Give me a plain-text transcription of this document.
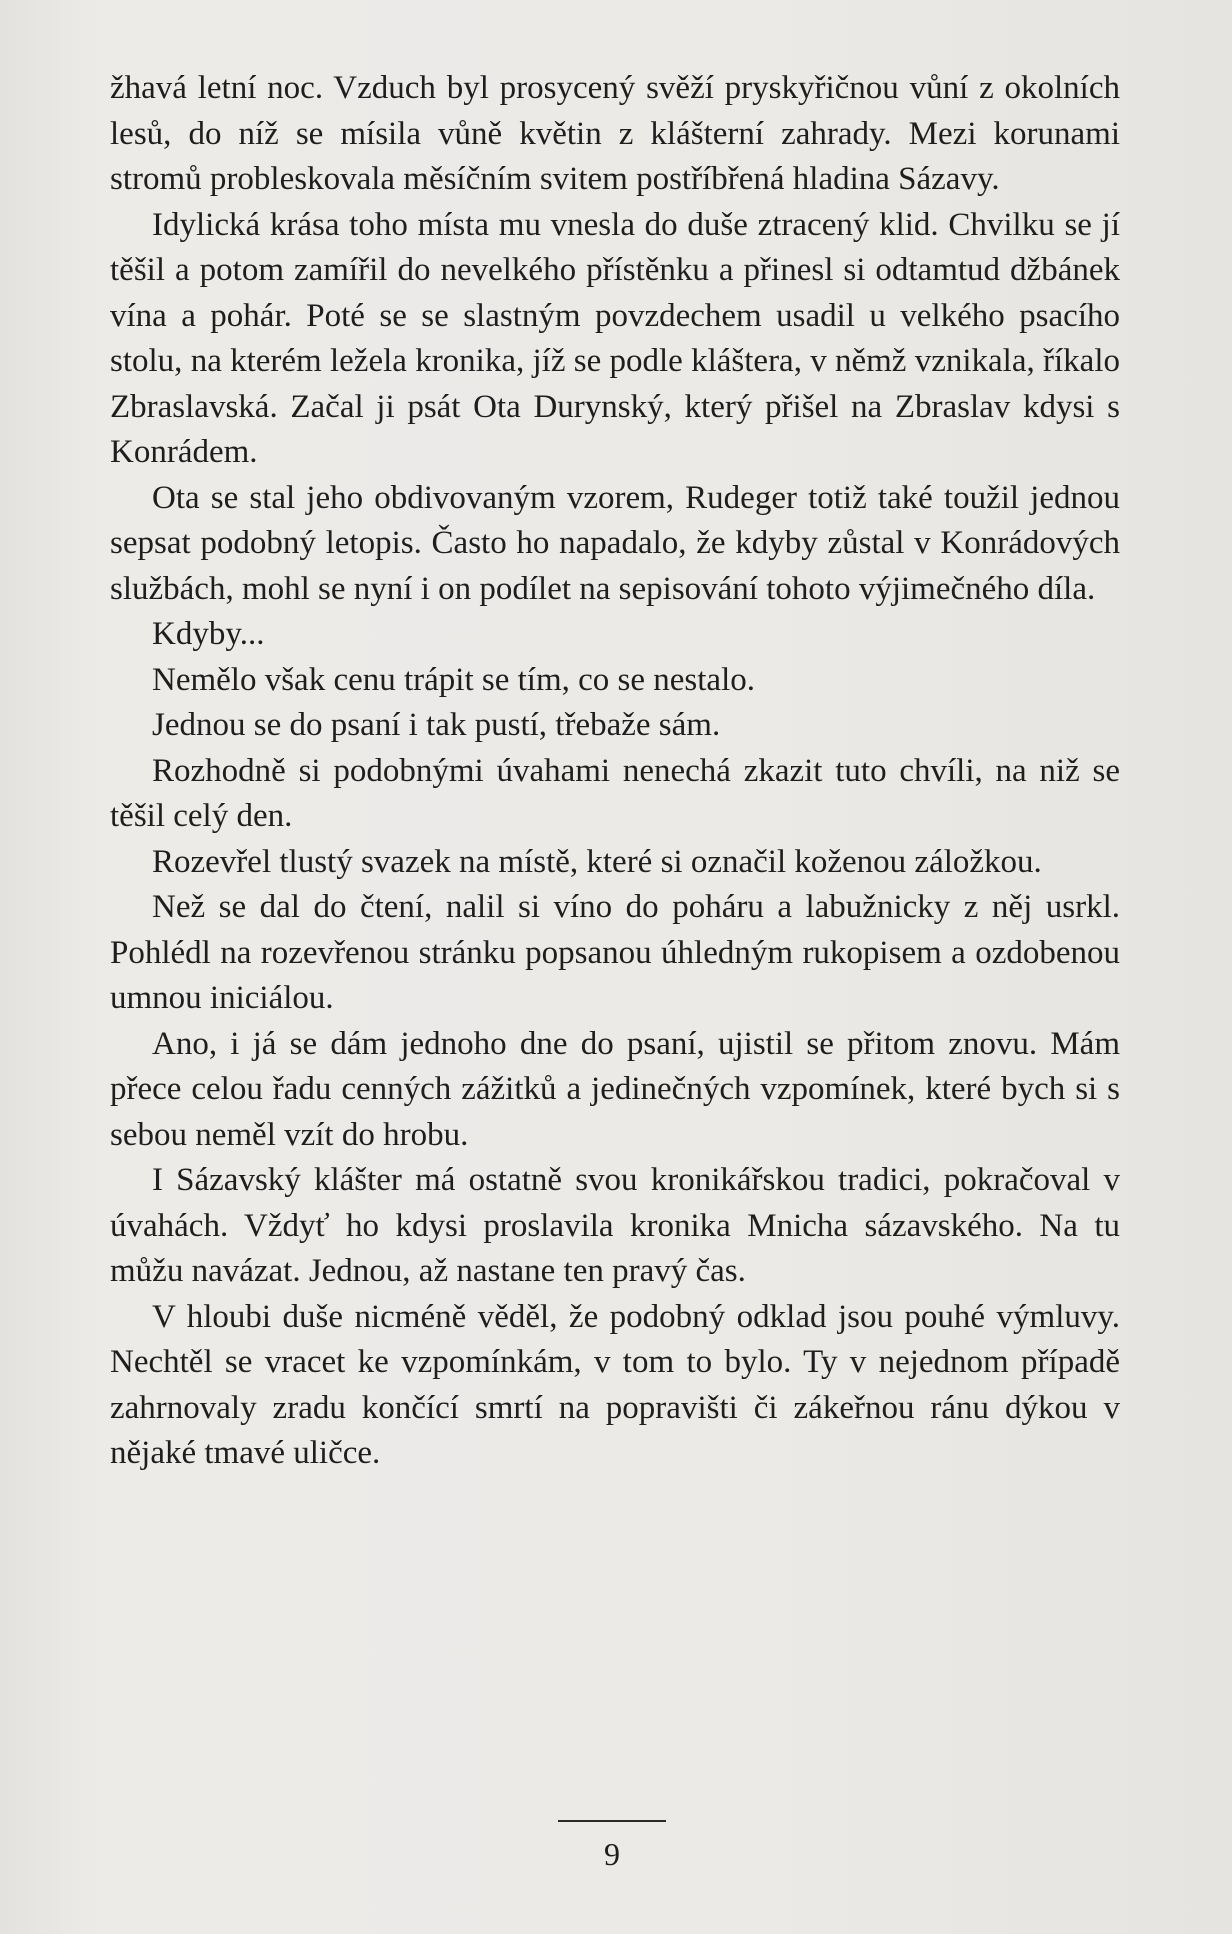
žhavá letní noc. Vzduch byl prosycený svěží pryskyřičnou vůní z okolních lesů, do níž se mísila vůně květin z klášterní zahrady. Mezi korunami stromů probleskovala měsíčním svitem postříbřená hladina Sázavy.

Idylická krása toho místa mu vnesla do duše ztracený klid. Chvilku se jí těšil a potom zamířil do nevelkého přístěnku a přinesl si odtamtud džbánek vína a pohár. Poté se se slastným povzdechem usadil u velkého psacího stolu, na kterém ležela kronika, jíž se podle kláštera, v němž vznikala, říkalo Zbraslavská. Začal ji psát Ota Durynský, který přišel na Zbraslav kdysi s Konrádem.

Ota se stal jeho obdivovaným vzorem, Rudeger totiž také toužil jednou sepsat podobný letopis. Často ho napadalo, že kdyby zůstal v Konrádových službách, mohl se nyní i on podílet na sepisování tohoto výjimečného díla.

Kdyby...

Nemělo však cenu trápit se tím, co se nestalo.

Jednou se do psaní i tak pustí, třebaže sám.

Rozhodně si podobnými úvahami nenechá zkazit tuto chvíli, na niž se těšil celý den.

Rozevřel tlustý svazek na místě, které si označil koženou záložkou.

Než se dal do čtení, nalil si víno do poháru a labužnicky z něj usrkl. Pohlédl na rozevřenou stránku popsanou úhledným rukopisem a ozdobenou umnou iniciálou.

Ano, i já se dám jednoho dne do psaní, ujistil se přitom znovu. Mám přece celou řadu cenných zážitků a jedinečných vzpomínek, které bych si s sebou neměl vzít do hrobu.

I Sázavský klášter má ostatně svou kronikářskou tradici, pokračoval v úvahách. Vždyť ho kdysi proslavila kronika Mnicha sázavského. Na tu můžu navázat. Jednou, až nastane ten pravý čas.

V hloubi duše nicméně věděl, že podobný odklad jsou pouhé výmluvy. Nechtěl se vracet ke vzpomínkám, v tom to bylo. Ty v nejednom případě zahrnovaly zradu končící smrtí na popravišti či zákeřnou ránu dýkou v nějaké tmavé uličce.

9
